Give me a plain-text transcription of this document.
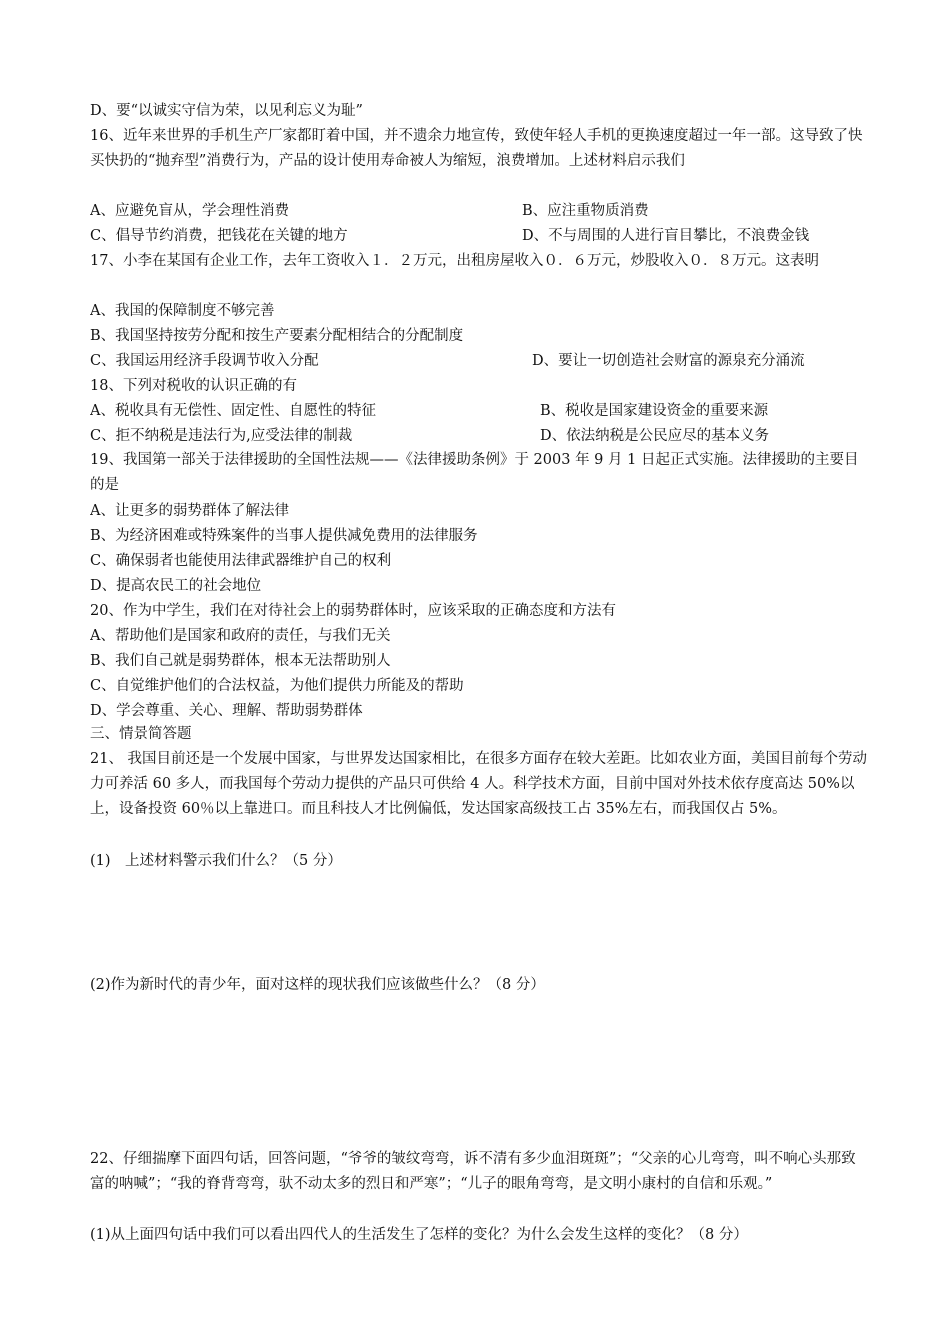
D、要“以诚实守信为荣，以见利忘义为耻”
16、近年来世界的手机生产厂家都盯着中国，并不遗余力地宣传，致使年轻人手机的更换速度超过一年一部。这导致了快买快扔的“抛弃型”消费行为，产品的设计使用寿命被人为缩短，浪费增加。上述材料启示我们
A、应避免盲从，学会理性消费	B、应注重物质消费
C、倡导节约消费，把钱花在关键的地方	D、不与周围的人进行盲目攀比，不浪费金钱
17、小李在某国有企业工作，去年工资收入１．２万元，出租房屋收入０．６万元，炒股收入０．８万元。这表明
A、我国的保障制度不够完善
B、我国坚持按劳分配和按生产要素分配相结合的分配制度
C、我国运用经济手段调节收入分配	D、要让一切创造社会财富的源泉充分涌流
18、下列对税收的认识正确的有
A、税收具有无偿性、固定性、自愿性的特征	B、税收是国家建设资金的重要来源
C、拒不纳税是违法行为,应受法律的制裁	D、依法纳税是公民应尽的基本义务
19、我国第一部关于法律援助的全国性法规——《法律援助条例》于 2003 年 9 月 1 日起正式实施。法律援助的主要目的是
A、让更多的弱势群体了解法律
B、为经济困难或特殊案件的当事人提供减免费用的法律服务
C、确保弱者也能使用法律武器维护自己的权利
D、提高农民工的社会地位
20、作为中学生，我们在对待社会上的弱势群体时，应该采取的正确态度和方法有
A、帮助他们是国家和政府的责任，与我们无关
B、我们自己就是弱势群体，根本无法帮助别人
C、自觉维护他们的合法权益，为他们提供力所能及的帮助
D、学会尊重、关心、理解、帮助弱势群体
三、情景简答题
21、 我国目前还是一个发展中国家，与世界发达国家相比，在很多方面存在较大差距。比如农业方面，美国目前每个劳动力可养活 60 多人，而我国每个劳动力提供的产品只可供给 4 人。科学技术方面，目前中国对外技术依存度高达 50%以上，设备投资 60％以上靠进口。而且科技人才比例偏低，发达国家高级技工占 35%左右，而我国仅占 5%。
(1)　上述材料警示我们什么？（5 分）
(2)作为新时代的青少年，面对这样的现状我们应该做些什么？（8 分）
22、仔细揣摩下面四句话，回答问题，“爷爷的皱纹弯弯，诉不清有多少血泪斑斑”；“父亲的心儿弯弯，叫不响心头那致富的呐喊”；“我的脊背弯弯，驮不动太多的烈日和严寒”；“儿子的眼角弯弯，是文明小康村的自信和乐观。”
(1)从上面四句话中我们可以看出四代人的生活发生了怎样的变化？为什么会发生这样的变化？（8 分）
